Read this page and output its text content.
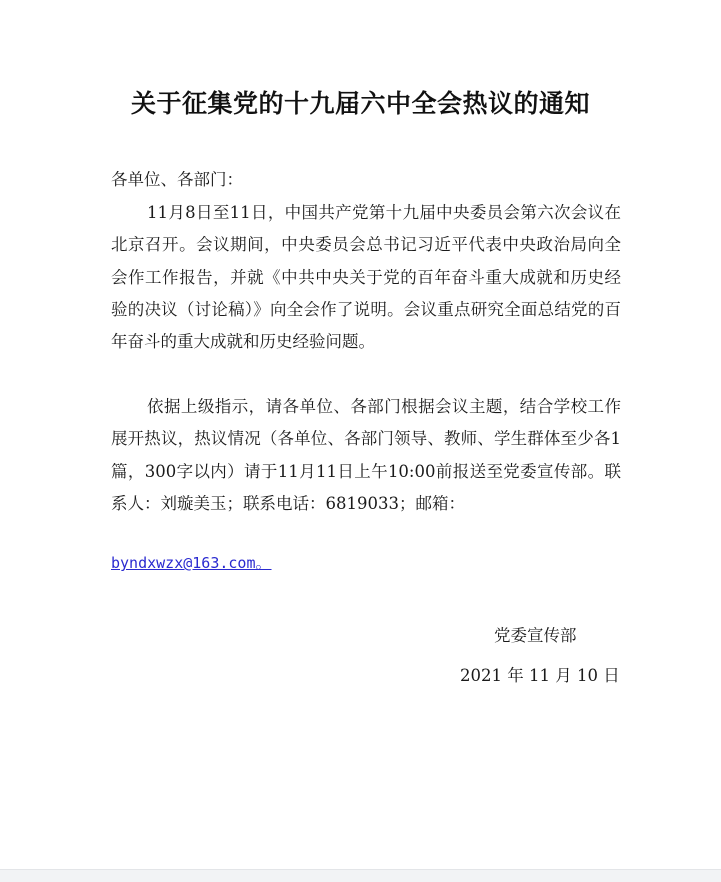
关于征集党的十九届六中全会热议的通知
各单位、各部门：
11月8日至11日，中国共产党第十九届中央委员会第六次会议在北京召开。会议期间，中央委员会总书记习近平代表中央政治局向全会作工作报告，并就《中共中央关于党的百年奋斗重大成就和历史经验的决议（讨论稿）》向全会作了说明。会议重点研究全面总结党的百年奋斗的重大成就和历史经验问题。
依据上级指示，请各单位、各部门根据会议主题，结合学校工作展开热议，热议情况（各单位、各部门领导、教师、学生群体至少各1篇，300字以内）请于11月11日上午10:00前报送至党委宣传部。联系人：刘璇美玉；联系电话：6819033；邮箱：
byndxwzx@163.com。
党委宣传部
2021 年 11 月 10 日
